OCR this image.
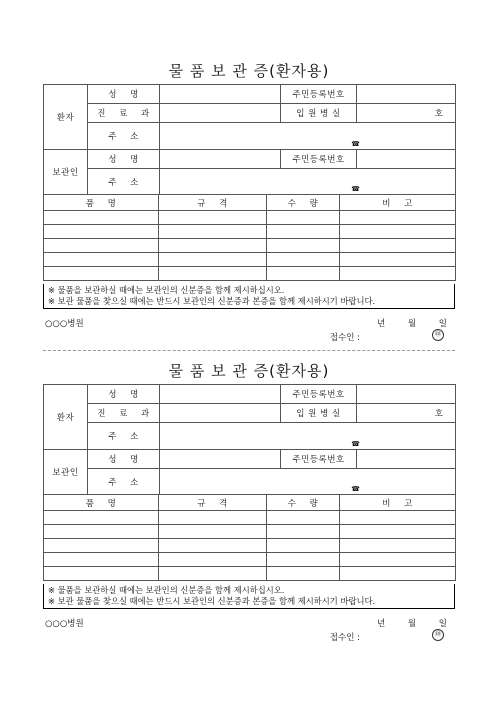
물 품 보 관 증(환자용)
환자	성 명		주민등록번호	
	진 료 과		입 원 병 실	호
	주 소	☎		

보관인	성 명		주민등록번호	
	주 소	☎		
품 명	규 격	수 량	비 고

※ 물품을 보관하실 때에는 보관인의 신분증을 함께 제시하십시오.
※ 보관 물품을 찾으실 때에는 반드시 보관인의 신분증과 본증을 함께 제시하시기 바랍니다.
○○○병원	년 월 일
접수인 :	㊞
물 품 보 관 증(환자용)
환자	성 명		주민등록번호	
	진 료 과		입 원 병 실	호
	주 소	☎		

보관인	성 명		주민등록번호	
	주 소	☎		
품 명	규 격	수 량	비 고

※ 물품을 보관하실 때에는 보관인의 신분증을 함께 제시하십시오.
※ 보관 물품을 찾으실 때에는 반드시 보관인의 신분증과 본증을 함께 제시하시기 바랍니다.
○○○병원	년 월 일
접수인 :	㊞
